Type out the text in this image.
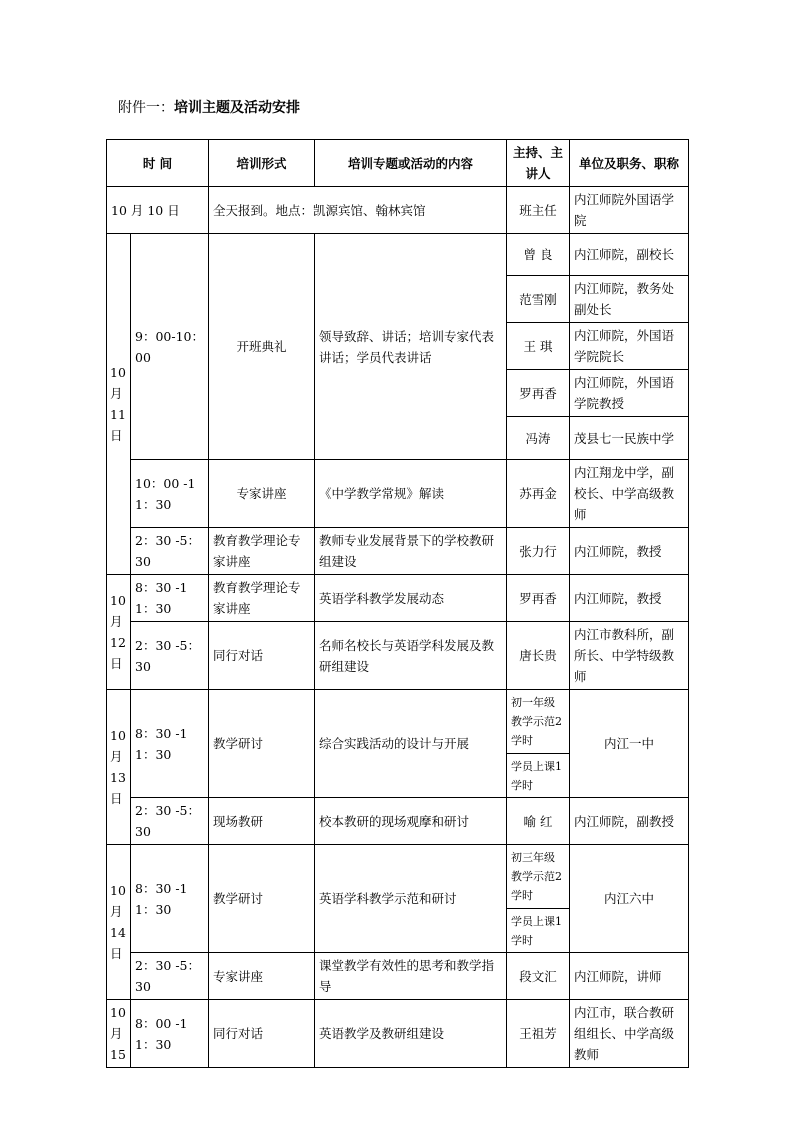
附件一：培训主题及活动安排
时 间		培训形式	培训专题或活动的内容	主持、主讲人	单位及职务、职称
10 月 10 日		全天报到。地点：凯源宾馆、翰林宾馆		班主任	内江师院外国语学院
10月11日	9：00-10：00	开班典礼	领导致辞、讲话；培训专家代表讲话；学员代表讲话	曾 良	内江师院，副校长
				范雪刚	内江师院，教务处副处长
				王 琪	内江师院，外国语学院院长
				罗再香	内江师院，外国语学院教授
				冯涛	茂县七一民族中学
	10：00 -11：30	专家讲座	《中学教学常规》解读	苏再金	内江翔龙中学，副校长、中学高级教师
	2：30 -5：30	教育教学理论专家讲座	教师专业发展背景下的学校教研组建设	张力行	内江师院，教授
10月12日	8：30 -11：30	教育教学理论专家讲座	英语学科教学发展动态	罗再香	内江师院，教授
	2：30 -5：30	同行对话	名师名校长与英语学科发展及教研组建设	唐长贵	内江市教科所，副所长、中学特级教师
10月13日	8：30 -11：30	教学研讨	综合实践活动的设计与开展	初一年级教学示范2学时	内江一中
				学员上课1学时	
	2：30 -5：30	现场教研	校本教研的现场观摩和研讨	喻 红	内江师院，副教授
10月14日	8：30 -11：30	教学研讨	英语学科教学示范和研讨	初三年级教学示范2学时	内江六中
				学员上课1学时	
	2：30 -5：30	专家讲座	课堂教学有效性的思考和教学指导	段文汇	内江师院，讲师
10月15	8：00 -11：30	同行对话	英语教学及教研组建设	王祖芳	内江市，联合教研组组长、中学高级教师
